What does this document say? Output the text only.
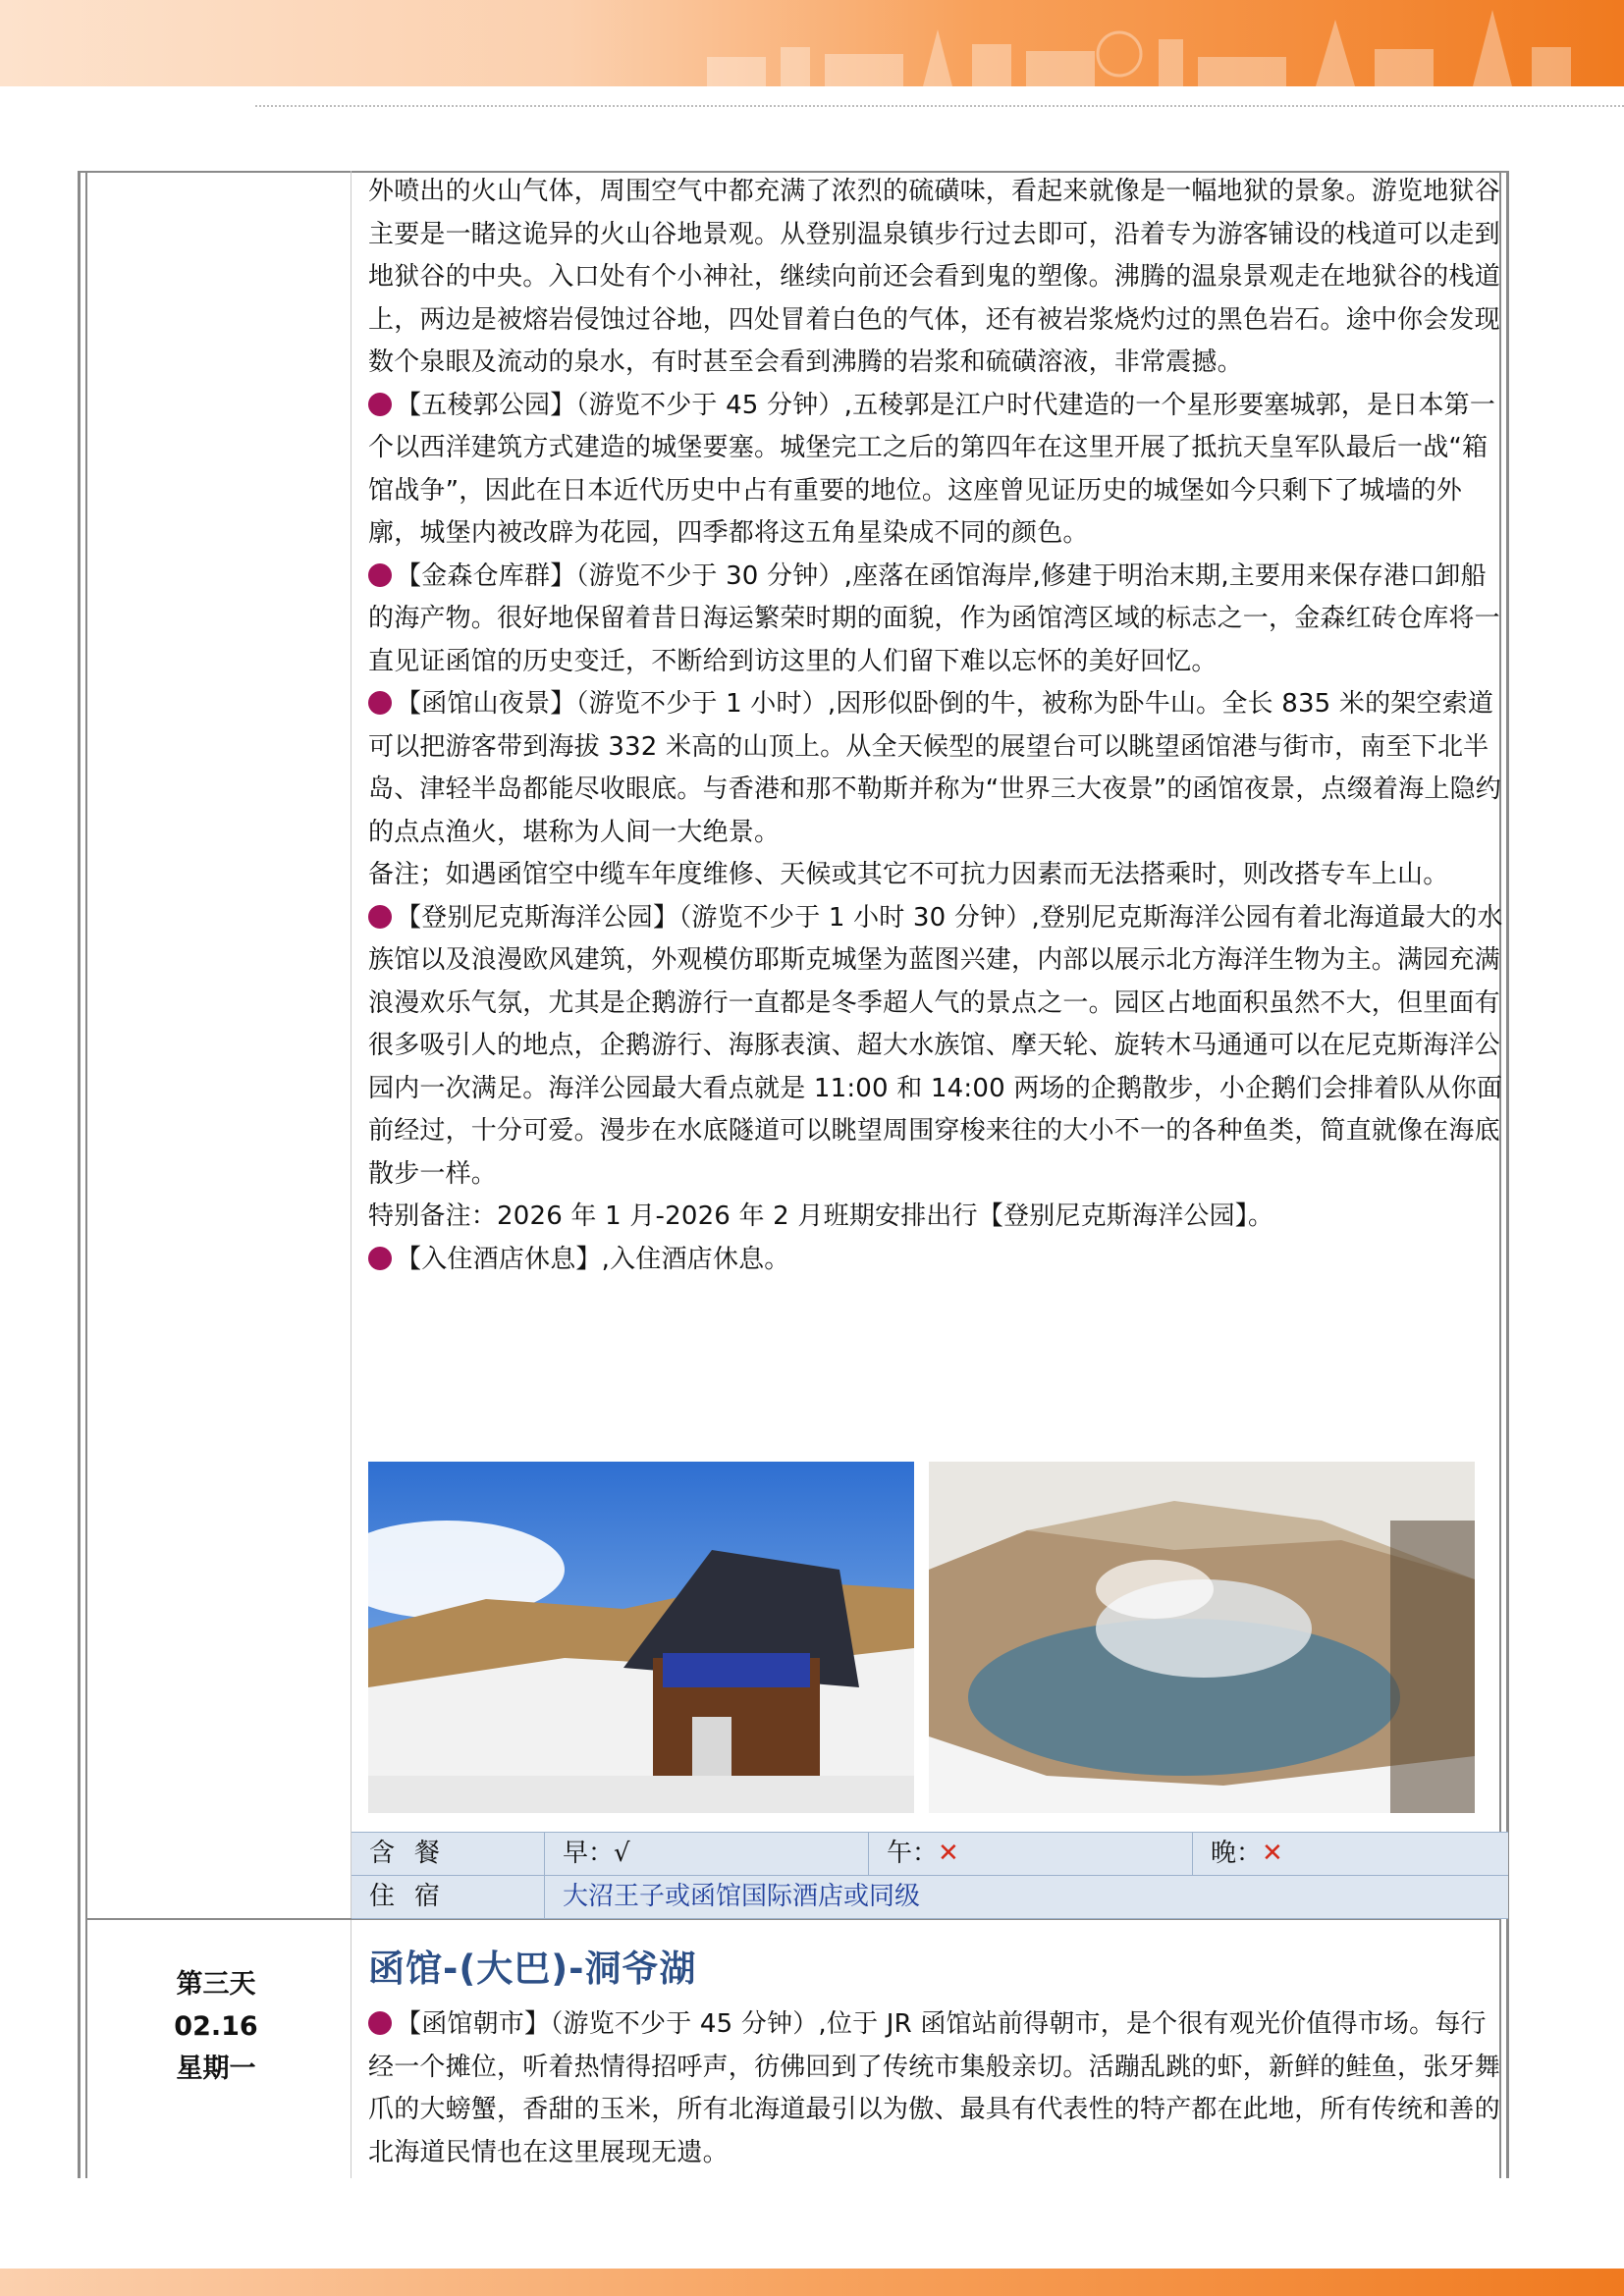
外喷出的火山气体，周围空气中都充满了浓烈的硫磺味，看起来就像是一幅地狱的景象。游览地狱谷主要是一睹这诡异的火山谷地景观。从登别温泉镇步行过去即可，沿着专为游客铺设的栈道可以走到地狱谷的中央。入口处有个小神社，继续向前还会看到鬼的塑像。沸腾的温泉景观走在地狱谷的栈道上，两边是被熔岩侵蚀过谷地，四处冒着白色的气体，还有被岩浆烧灼过的黑色岩石。途中你会发现数个泉眼及流动的泉水，有时甚至会看到沸腾的岩浆和硫磺溶液，非常震撼。

【五稜郭公园】（游览不少于 45 分钟）,五稜郭是江户时代建造的一个星形要塞城郭，是日本第一个以西洋建筑方式建造的城堡要塞。城堡完工之后的第四年在这里开展了抵抗天皇军队最后一战“箱馆战争”，因此在日本近代历史中占有重要的地位。这座曾见证历史的城堡如今只剩下了城墙的外廓，城堡内被改辟为花园，四季都将这五角星染成不同的颜色。

【金森仓库群】（游览不少于 30 分钟）,座落在函馆海岸,修建于明治末期,主要用来保存港口卸船的海产物。很好地保留着昔日海运繁荣时期的面貌，作为函馆湾区域的标志之一，金森红砖仓库将一直见证函馆的历史变迁，不断给到访这里的人们留下难以忘怀的美好回忆。

【函馆山夜景】（游览不少于 1 小时）,因形似卧倒的牛，被称为卧牛山。全长 835 米的架空索道可以把游客带到海拔 332 米高的山顶上。从全天候型的展望台可以眺望函馆港与街市，南至下北半岛、津轻半岛都能尽收眼底。与香港和那不勒斯并称为“世界三大夜景”的函馆夜景，点缀着海上隐约的点点渔火，堪称为人间一大绝景。

备注；如遇函馆空中缆车年度维修、天候或其它不可抗力因素而无法搭乘时，则改搭专车上山。

【登别尼克斯海洋公园】（游览不少于 1 小时 30 分钟）,登别尼克斯海洋公园有着北海道最大的水族馆以及浪漫欧风建筑，外观模仿耶斯克城堡为蓝图兴建，内部以展示北方海洋生物为主。满园充满浪漫欢乐气氛，尤其是企鹅游行一直都是冬季超人气的景点之一。园区占地面积虽然不大，但里面有很多吸引人的地点，企鹅游行、海豚表演、超大水族馆、摩天轮、旋转木马通通可以在尼克斯海洋公园内一次满足。海洋公园最大看点就是 11:00 和 14:00 两场的企鹅散步，小企鹅们会排着队从你面前经过，十分可爱。漫步在水底隧道可以眺望周围穿梭来往的大小不一的各种鱼类，简直就像在海底散步一样。

特别备注：2026 年 1 月-2026 年 2 月班期安排出行【登别尼克斯海洋公园】。

【入住酒店休息】,入住酒店休息。

含餐	早：√	午：✕	晚：✕
住宿	大沼王子或函馆国际酒店或同级
第三天
02.16
星期一
函馆-(大巴)-洞爷湖

【函馆朝市】（游览不少于 45 分钟）,位于 JR 函馆站前得朝市，是个很有观光价值得市场。每行经一个摊位，听着热情得招呼声，彷佛回到了传统市集般亲切。活蹦乱跳的虾，新鲜的鲑鱼，张牙舞爪的大螃蟹，香甜的玉米，所有北海道最引以为傲、最具有代表性的特产都在此地，所有传统和善的北海道民情也在这里展现无遗。
